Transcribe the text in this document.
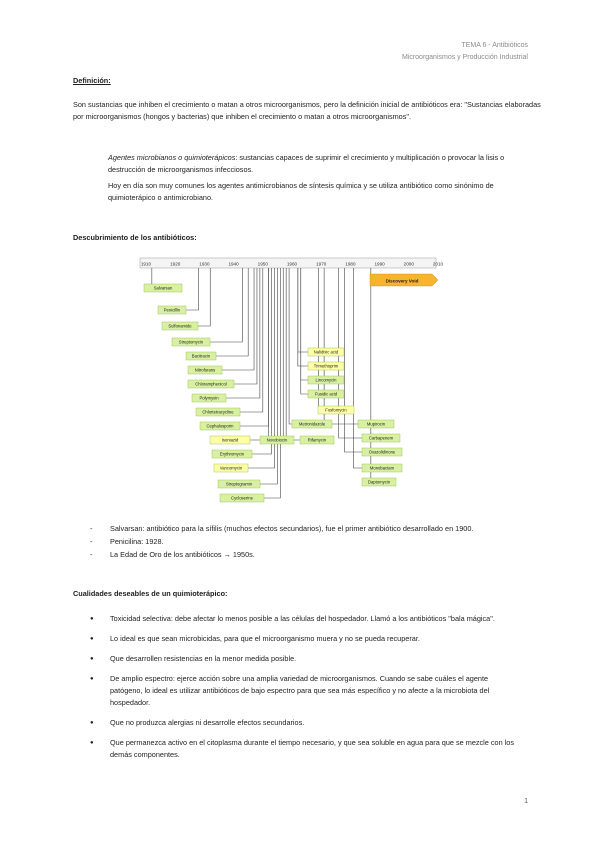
TEMA 6 - Antibióticos
Microorganismos y Producción Industrial
Definición:
Son sustancias que inhiben el crecimiento o matan a otros microorganismos, pero la definición inicial de antibióticos era: "Sustancias elaboradas por microorganismos (hongos y bacterias) que inhiben el crecimiento o matan a otros microorganismos".
Agentes microbianos o quimioterápicos: sustancias capaces de suprimir el crecimiento y multiplicación o provocar la lisis o destrucción de microorganismos infecciosos.
Hoy en día son muy comunes los agentes antimicrobianos de síntesis química y se utiliza antibiótico como sinónimo de quimioterápico o antimicrobiano.
Descubrimiento de los antibióticos:
1910	1920	1930	1940	1950	1960	1970	1980	1990	2000	2010
Salvarsan
Penicillin
Sulfonamide
Streptomycin
Bacitracin
Nitrofurans
Chloramphenicol
Polymyxin
Chlortetracycline
Cephalosporin
Isoniazid
Erythromycin
Vancomycin
Streptogramin
Cycloserine
Novobiocin	Rifamycin
Metronidazole
Nalidixic acid
Trimethoprim
Lincomycin
Fusidic acid
Fosfomycin
Mupirocin
Carbapenem
Oxazolidinone
Monobactam
Daptomycin
Discovery Void
- Salvarsan: antibiótico para la sífilis (muchos efectos secundarios), fue el primer antibiótico desarrollado en 1900.
- Penicilina: 1928.
- La Edad de Oro de los antibióticos → 1950s.
Cualidades deseables de un quimioterápico:
● Toxicidad selectiva: debe afectar lo menos posible a las células del hospedador. Llamó a los antibióticos "bala mágica".
● Lo ideal es que sean microbicidas, para que el microorganismo muera y no se pueda recuperar.
● Que desarrollen resistencias en la menor medida posible.
● De amplio espectro: ejerce acción sobre una amplia variedad de microorganismos. Cuando se sabe cuáles el agente patógeno, lo ideal es utilizar antibióticos de bajo espectro para que sea más específico y no afecte a la microbiota del hospedador.
● Que no produzca alergias ni desarrolle efectos secundarios.
● Que permanezca activo en el citoplasma durante el tiempo necesario, y que sea soluble en agua para que se mezcle con los demás componentes.
1
